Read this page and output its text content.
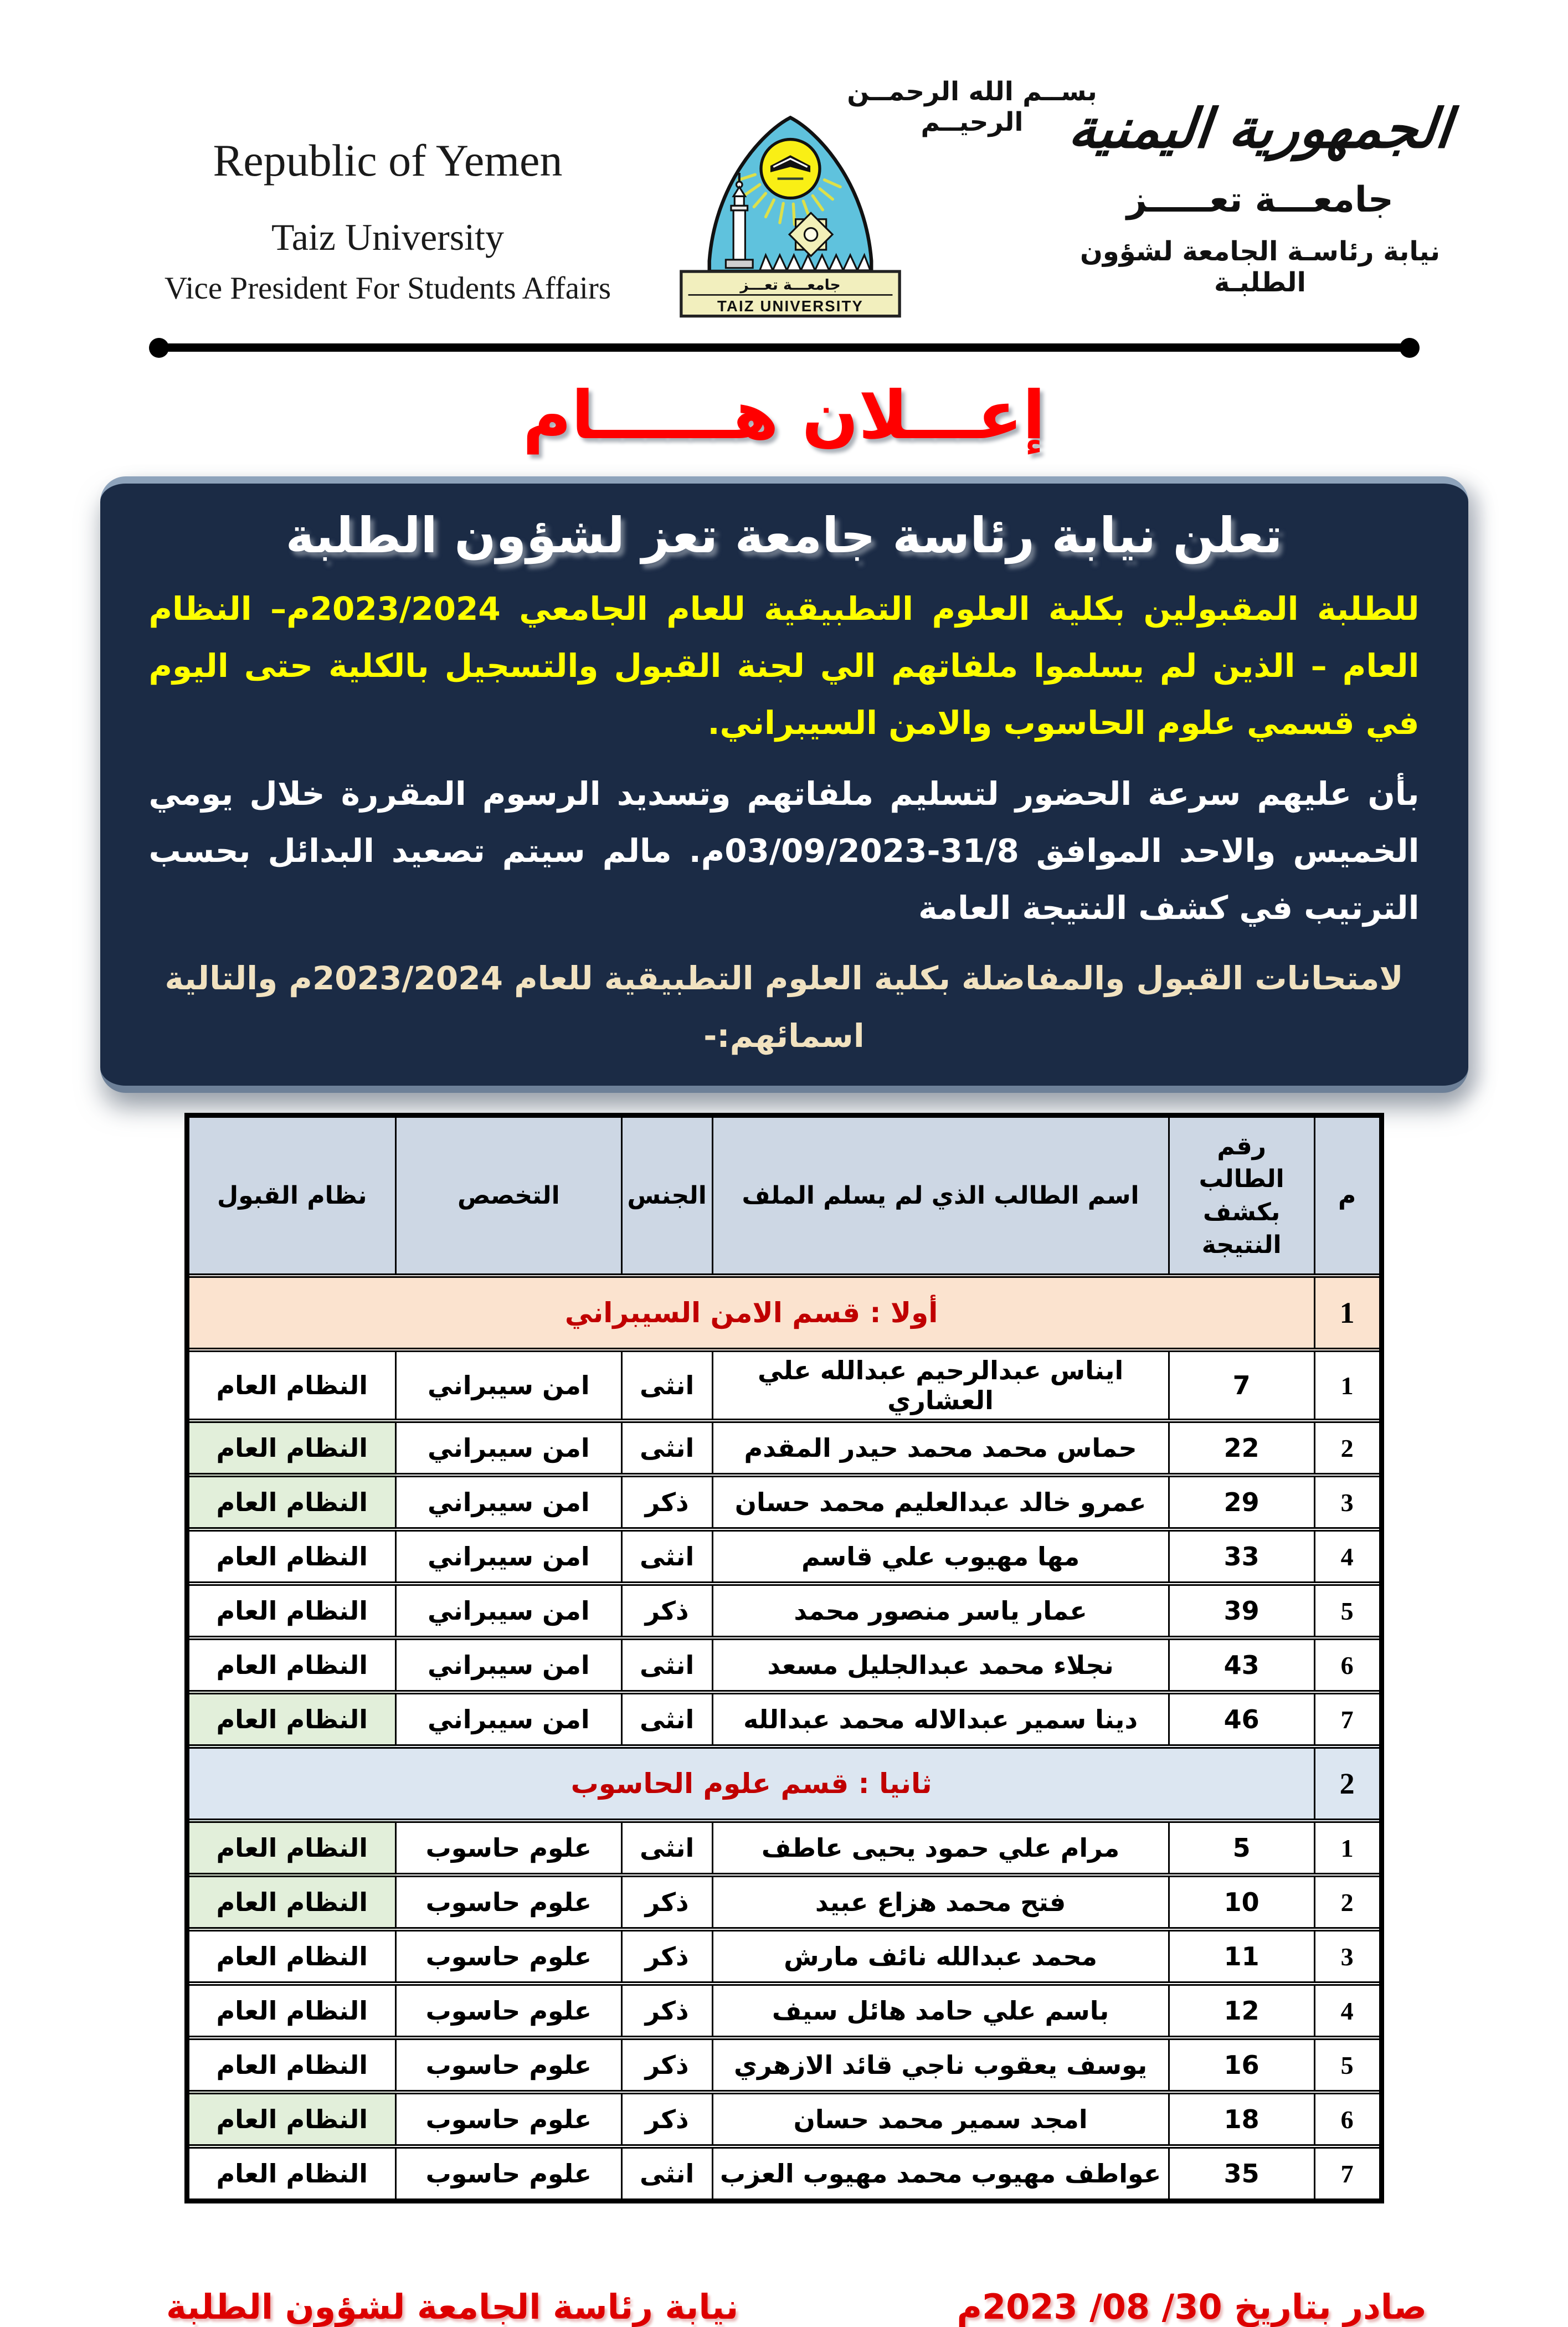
Republic of Yemen
Taiz University
Vice President For Students Affairs
بســم الله الرحمــن الرحيــم
جامعـــة تعـــز
TAIZ UNIVERSITY
الجمهورية اليمنية
جامعـــة تعـــــز
نيابة رئاسـة الجامعة لشؤون الطلبـة
إعـــلان هــــــام
تعلن نيابة رئاسة جامعة تعز لشؤون الطلبة

للطلبة المقبولين بكلية العلوم التطبيقية للعام الجامعي 2023/2024م– النظام العام – الذين لم يسلموا ملفاتهم الي لجنة القبول والتسجيل بالكلية حتى اليوم في قسمي علوم الحاسوب والامن السيبراني.

بأن عليهم سرعة الحضور لتسليم ملفاتهم وتسديد الرسوم المقررة خلال يومي الخميس والاحد الموافق 31/8-03/09/2023م. مالم سيتم تصعيد البدائل بحسب الترتيب في كشف النتيجة العامة

لامتحانات القبول والمفاضلة بكلية العلوم التطبيقية للعام 2023/2024م والتالية اسمائهم:-

م	رقم الطالب بكشف النتيجة	اسم الطالب الذي لم يسلم الملف	الجنس	التخصص	نظام القبول
1	أولا : قسم الامن السيبراني				
1	7	ايناس عبدالرحيم عبدالله علي العشاري	انثى	امن سيبراني	النظام العام
2	22	حماس محمد محمد حيدر المقدم	انثى	امن سيبراني	النظام العام
3	29	عمرو خالد عبدالعليم محمد حسان	ذكر	امن سيبراني	النظام العام
4	33	مها مهيوب علي قاسم	انثى	امن سيبراني	النظام العام
5	39	عمار ياسر منصور محمد	ذكر	امن سيبراني	النظام العام
6	43	نجلاء محمد عبدالجليل مسعد	انثى	امن سيبراني	النظام العام
7	46	دينا سمير عبدالاله محمد عبدالله	انثى	امن سيبراني	النظام العام
2	ثانيا : قسم علوم الحاسوب				
1	5	مرام علي حمود يحيى عاطف	انثى	علوم حاسوب	النظام العام
2	10	فتح محمد هزاع عبيد	ذكر	علوم حاسوب	النظام العام
3	11	محمد عبدالله نائف مارش	ذكر	علوم حاسوب	النظام العام
4	12	باسم علي حامد هائل سيف	ذكر	علوم حاسوب	النظام العام
5	16	يوسف يعقوب ناجي قائد الازهري	ذكر	علوم حاسوب	النظام العام
6	18	امجد سمير محمد حسان	ذكر	علوم حاسوب	النظام العام
7	35	عواطف مهيوب محمد مهيوب العزب	انثى	علوم حاسوب	النظام العام
نيابة رئاسة الجامعة لشؤون الطلبة	صادر بتاريخ 30/ 08/ 2023م
